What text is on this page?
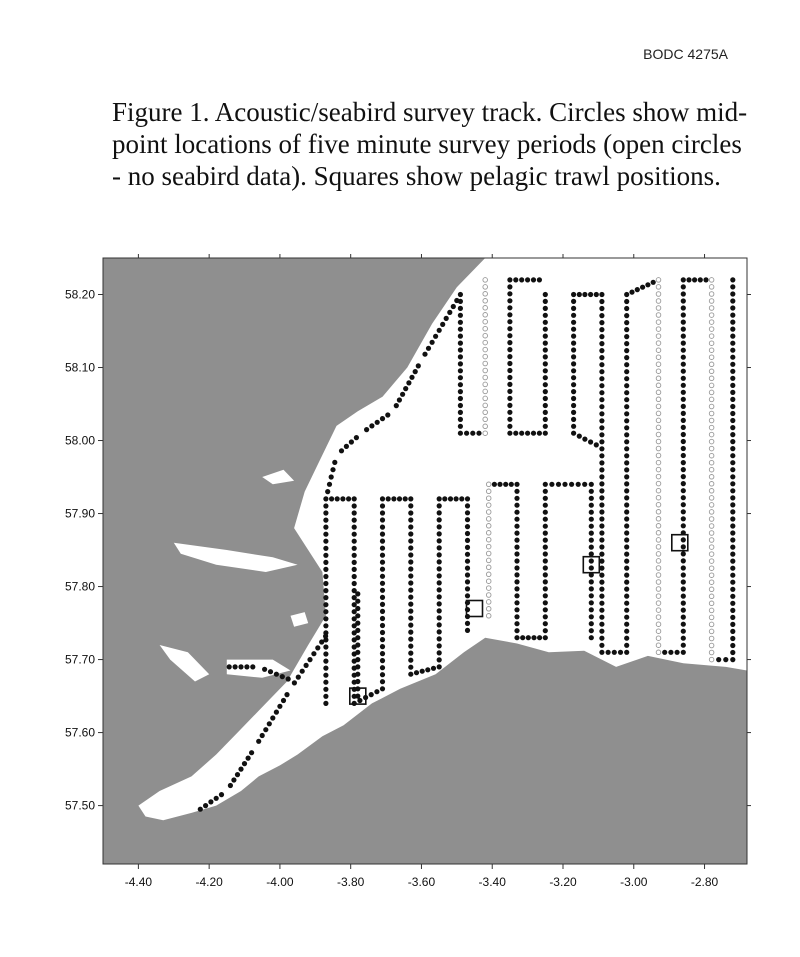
BODC 4275A

Figure 1. Acoustic/seabird survey track. Circles show mid-point locations of five minute survey periods (open circles - no seabird data). Squares show pelagic trawl positions.

-4.40	-4.20	-4.00	-3.80	-3.60	-3.40	-3.20	-3.00	-2.80
58.20
58.10
58.00
57.90
57.80
57.70
57.60
57.50
